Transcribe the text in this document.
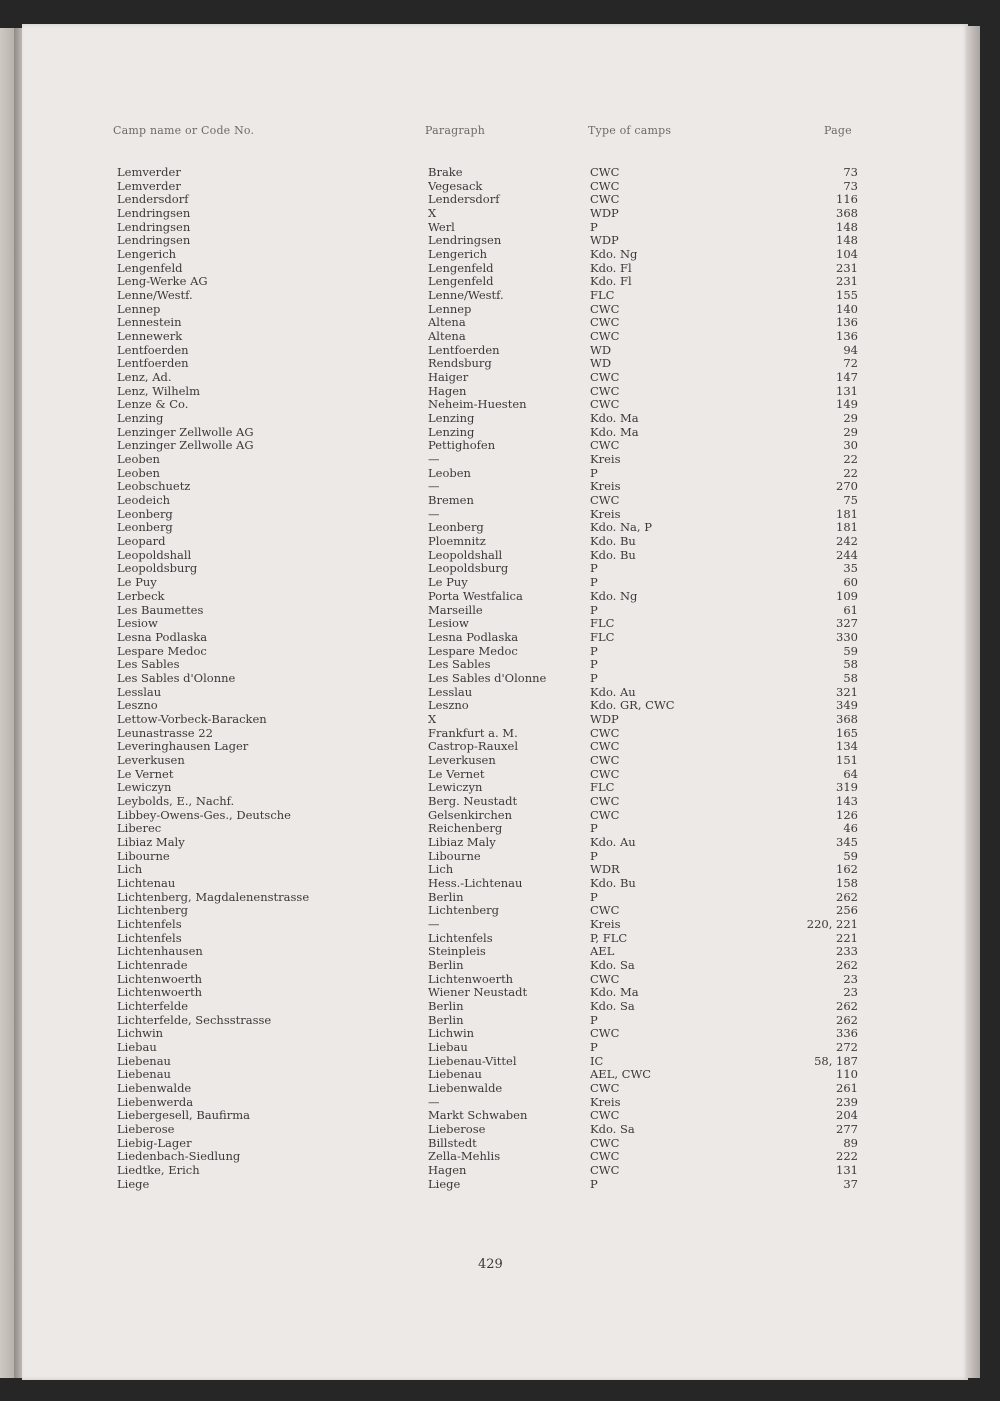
Camp name or Code No.	Paragraph	Type of camps	Page
Lemverder	Brake	CWC	73
Lemverder	Vegesack	CWC	73
Lendersdorf	Lendersdorf	CWC	116
Lendringsen	X	WDP	368
Lendringsen	Werl	P	148
Lendringsen	Lendringsen	WDP	148
Lengerich	Lengerich	Kdo. Ng	104
Lengenfeld	Lengenfeld	Kdo. Fl	231
Leng-Werke AG	Lengenfeld	Kdo. Fl	231
Lenne/Westf.	Lenne/Westf.	FLC	155
Lennep	Lennep	CWC	140
Lennestein	Altena	CWC	136
Lennewerk	Altena	CWC	136
Lentfoerden	Lentfoerden	WD	94
Lentfoerden	Rendsburg	WD	72
Lenz, Ad.	Haiger	CWC	147
Lenz, Wilhelm	Hagen	CWC	131
Lenze & Co.	Neheim-Huesten	CWC	149
Lenzing	Lenzing	Kdo. Ma	29
Lenzinger Zellwolle AG	Lenzing	Kdo. Ma	29
Lenzinger Zellwolle AG	Pettighofen	CWC	30
Leoben	—	Kreis	22
Leoben	Leoben	P	22
Leobschuetz	—	Kreis	270
Leodeich	Bremen	CWC	75
Leonberg	—	Kreis	181
Leonberg	Leonberg	Kdo. Na, P	181
Leopard	Ploemnitz	Kdo. Bu	242
Leopoldshall	Leopoldshall	Kdo. Bu	244
Leopoldsburg	Leopoldsburg	P	35
Le Puy	Le Puy	P	60
Lerbeck	Porta Westfalica	Kdo. Ng	109
Les Baumettes	Marseille	P	61
Lesiow	Lesiow	FLC	327
Lesna Podlaska	Lesna Podlaska	FLC	330
Lespare Medoc	Lespare Medoc	P	59
Les Sables	Les Sables	P	58
Les Sables d'Olonne	Les Sables d'Olonne	P	58
Lesslau	Lesslau	Kdo. Au	321
Leszno	Leszno	Kdo. GR, CWC	349
Lettow-Vorbeck-Baracken	X	WDP	368
Leunastrasse 22	Frankfurt a. M.	CWC	165
Leveringhausen Lager	Castrop-Rauxel	CWC	134
Leverkusen	Leverkusen	CWC	151
Le Vernet	Le Vernet	CWC	64
Lewiczyn	Lewiczyn	FLC	319
Leybolds, E., Nachf.	Berg. Neustadt	CWC	143
Libbey-Owens-Ges., Deutsche	Gelsenkirchen	CWC	126
Liberec	Reichenberg	P	46
Libiaz Maly	Libiaz Maly	Kdo. Au	345
Libourne	Libourne	P	59
Lich	Lich	WDR	162
Lichtenau	Hess.-Lichtenau	Kdo. Bu	158
Lichtenberg, Magdalenenstrasse	Berlin	P	262
Lichtenberg	Lichtenberg	CWC	256
Lichtenfels	—	Kreis	220, 221
Lichtenfels	Lichtenfels	P, FLC	221
Lichtenhausen	Steinpleis	AEL	233
Lichtenrade	Berlin	Kdo. Sa	262
Lichtenwoerth	Lichtenwoerth	CWC	23
Lichtenwoerth	Wiener Neustadt	Kdo. Ma	23
Lichterfelde	Berlin	Kdo. Sa	262
Lichterfelde, Sechsstrasse	Berlin	P	262
Lichwin	Lichwin	CWC	336
Liebau	Liebau	P	272
Liebenau	Liebenau-Vittel	IC	58, 187
Liebenau	Liebenau	AEL, CWC	110
Liebenwalde	Liebenwalde	CWC	261
Liebenwerda	—	Kreis	239
Liebergesell, Baufirma	Markt Schwaben	CWC	204
Lieberose	Lieberose	Kdo. Sa	277
Liebig-Lager	Billstedt	CWC	89
Liedenbach-Siedlung	Zella-Mehlis	CWC	222
Liedtke, Erich	Hagen	CWC	131
Liege	Liege	P	37
429
